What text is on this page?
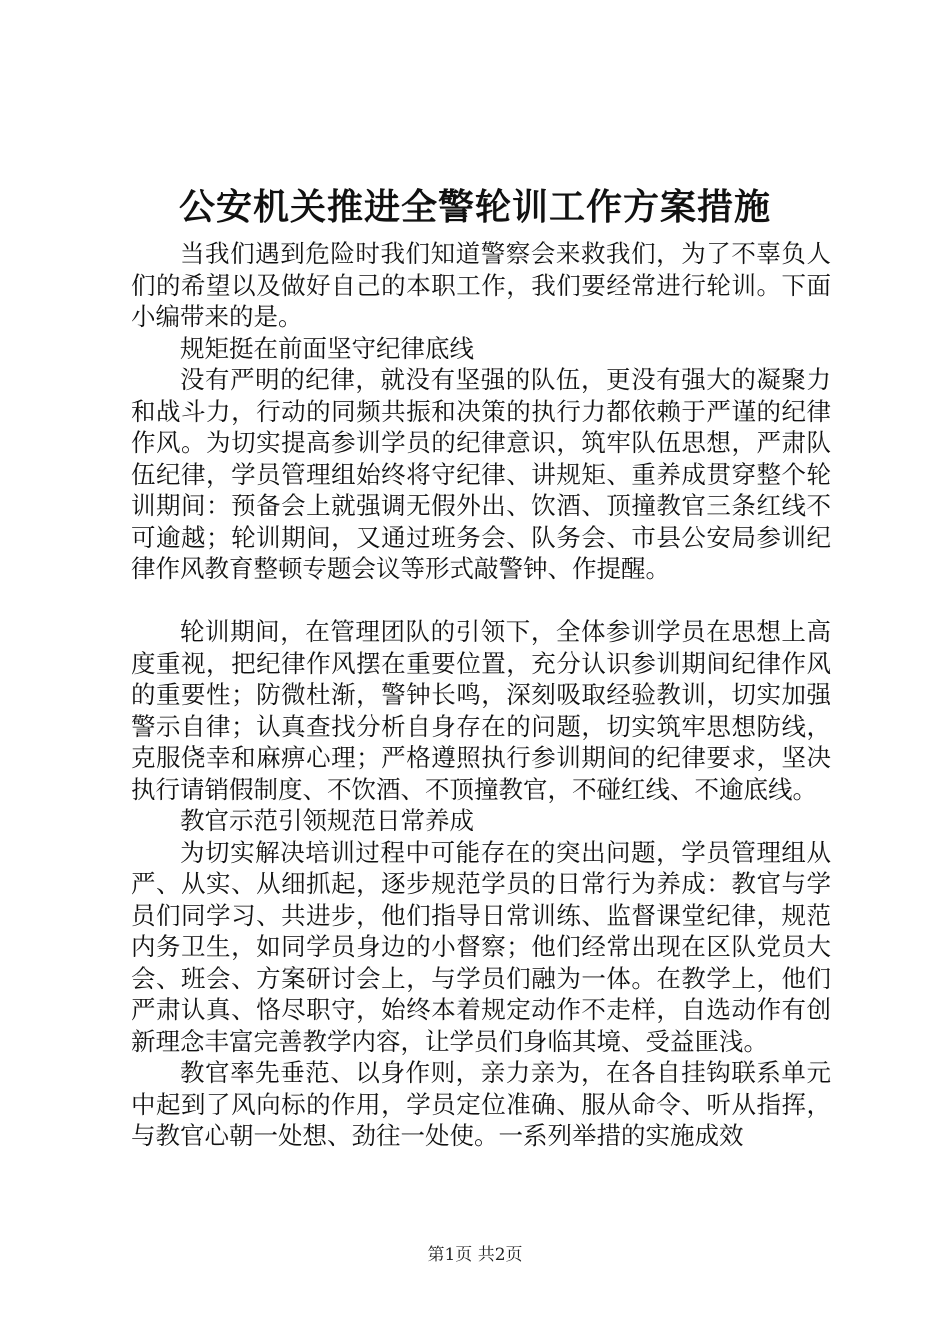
公安机关推进全警轮训工作方案措施

当我们遇到危险时我们知道警察会来救我们，为了不辜负人们的希望以及做好自己的本职工作，我们要经常进行轮训。下面小编带来的是。

规矩挺在前面坚守纪律底线

没有严明的纪律，就没有坚强的队伍，更没有强大的凝聚力和战斗力，行动的同频共振和决策的执行力都依赖于严谨的纪律作风。为切实提高参训学员的纪律意识，筑牢队伍思想，严肃队伍纪律，学员管理组始终将守纪律、讲规矩、重养成贯穿整个轮训期间：预备会上就强调无假外出、饮酒、顶撞教官三条红线不可逾越；轮训期间，又通过班务会、队务会、市县公安局参训纪律作风教育整顿专题会议等形式敲警钟、作提醒。

轮训期间，在管理团队的引领下，全体参训学员在思想上高度重视，把纪律作风摆在重要位置，充分认识参训期间纪律作风的重要性；防微杜渐，警钟长鸣，深刻吸取经验教训，切实加强警示自律；认真查找分析自身存在的问题，切实筑牢思想防线，克服侥幸和麻痹心理；严格遵照执行参训期间的纪律要求，坚决执行请销假制度、不饮酒、不顶撞教官，不碰红线、不逾底线。

教官示范引领规范日常养成

为切实解决培训过程中可能存在的突出问题，学员管理组从严、从实、从细抓起，逐步规范学员的日常行为养成：教官与学员们同学习、共进步，他们指导日常训练、监督课堂纪律，规范内务卫生，如同学员身边的小督察；他们经常出现在区队党员大会、班会、方案研讨会上，与学员们融为一体。在教学上，他们严肃认真、恪尽职守，始终本着规定动作不走样，自选动作有创新理念丰富完善教学内容，让学员们身临其境、受益匪浅。

教官率先垂范、以身作则，亲力亲为，在各自挂钩联系单元中起到了风向标的作用，学员定位准确、服从命令、听从指挥，与教官心朝一处想、劲往一处使。一系列举措的实施成效

第1页 共2页
